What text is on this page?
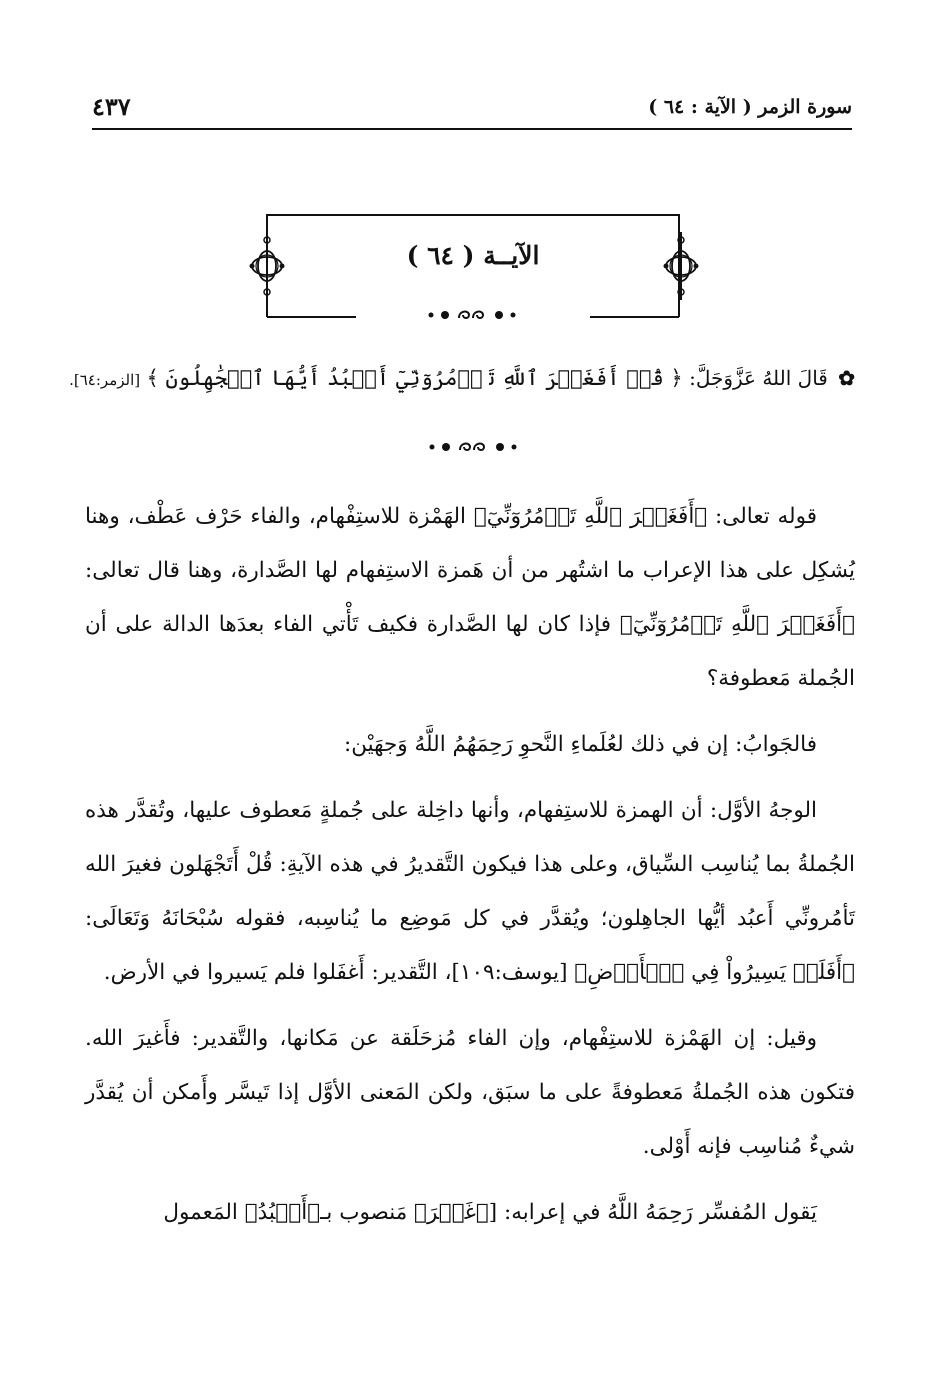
سورة الزمر ( الآية : ٦٤ )
٤٣٧
الآيــة ( ٦٤ )
✿ قَالَ اللهُ عَزَّوَجَلَّ: ﴿ قُلۡ أَفَغَيۡرَ ٱللَّهِ تَأۡمُرُوٓنِّيٓ أَعۡبُدُ أَيُّهَا ٱلۡجَٰهِلُونَ ﴾ [الزمر:٦٤].

قوله تعالى: ﴿أَفَغَيۡرَ ٱللَّهِ تَأۡمُرُوٓنِّيٓ﴾ الهَمْزة للاستِفْهام، والفاء حَرْف عَطْف، وهنا يُشكِل على هذا الإعراب ما اشتُهر من أن هَمزة الاستِفهام لها الصَّدارة، وهنا قال تعالى: ﴿أَفَغَيۡرَ ٱللَّهِ تَأۡمُرُوٓنِّيٓ﴾ فإذا كان لها الصَّدارة فكيف تَأْتي الفاء بعدَها الدالة على أن الجُملة مَعطوفة؟

فالجَوابُ: إن في ذلك لعُلَماءِ النَّحوِ رَحِمَهُمُ اللَّهُ وَجهَيْن:

الوجهُ الأوَّل: أن الهمزة للاستِفهام، وأنها داخِلة على جُملةٍ مَعطوف عليها، وتُقدَّر هذه الجُملةُ بما يُناسِب السِّياق، وعلى هذا فيكون التَّقديرُ في هذه الآيةِ: قُلْ أَتَجْهَلون فغيرَ الله تَأمُرونِّي أَعبُد أيُّها الجاهِلون؛ ويُقدَّر في كل مَوضِع ما يُناسِبه، فقوله سُبْحَانَهُ وَتَعَالَى: ﴿أَفَلَمۡ يَسِيرُواْ فِي ٱلۡأَرۡضِ﴾ [يوسف:١٠٩]، التَّقدير: أَغفَلوا فلم يَسيروا في الأرض.

وقيل: إن الهَمْزة للاستِفْهام، وإن الفاء مُزحَلَقة عن مَكانها، والتَّقدير: فأَغيرَ الله. فتكون هذه الجُملةُ مَعطوفةً على ما سبَق، ولكن المَعنى الأوَّل إذا تَيسَّر وأَمكن أن يُقدَّر شيءٌ مُناسِب فإنه أَوْلى.

يَقول المُفسِّر رَحِمَهُ اللَّهُ في إعرابه: [﴿غَيۡرَ﴾ مَنصوب بـ﴿أَعۡبُدُ﴾ المَعمول
